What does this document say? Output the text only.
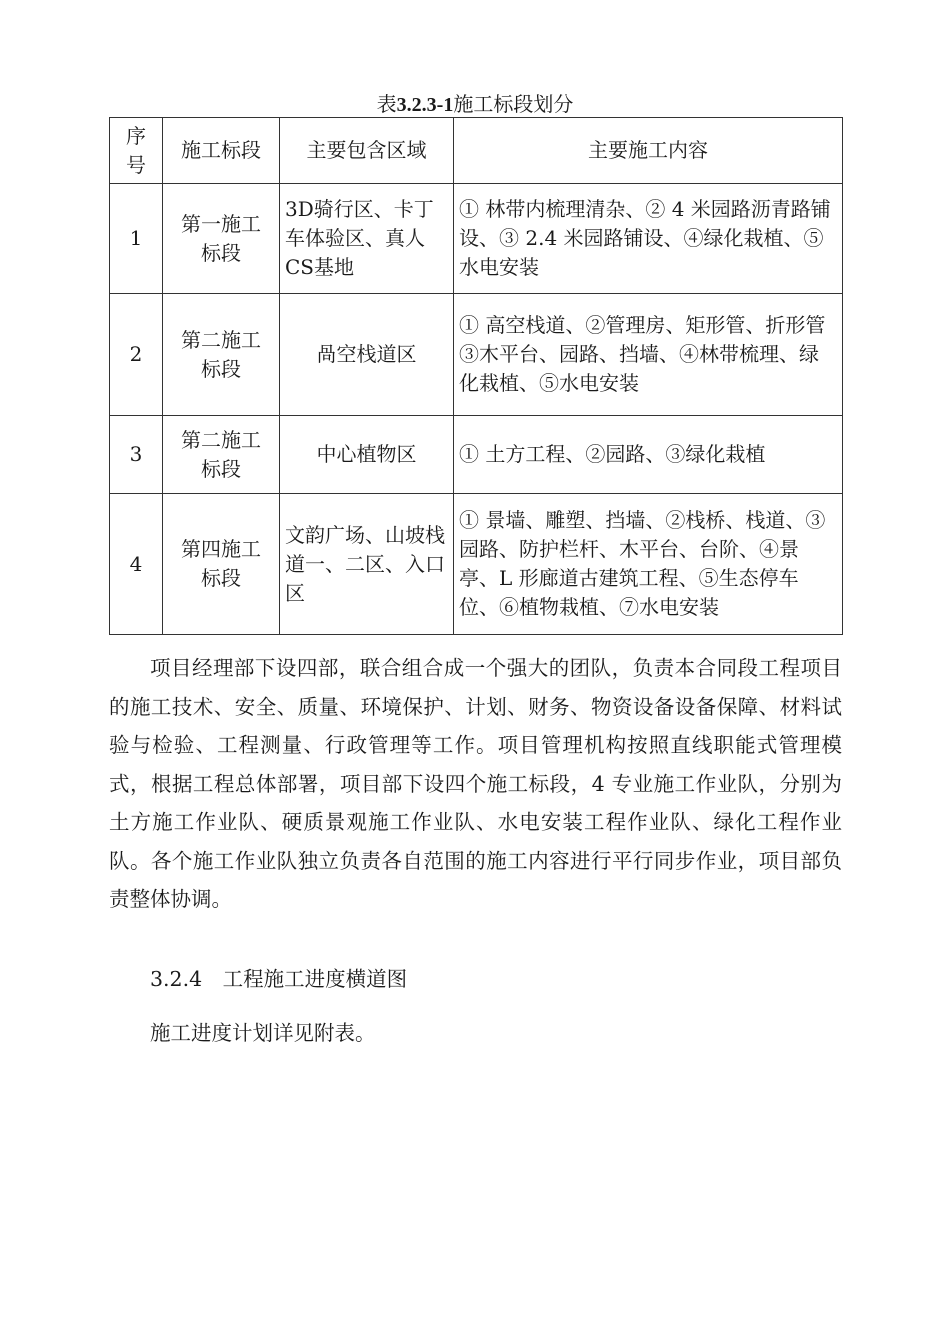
表3.2.3-1施工标段划分
序号	施工标段	主要包含区域	主要施工内容
1	第一施工标段	3D骑行区、卡丁车体验区、真人CS基地	① 林带内梳理清杂、② 4 米园路沥青路铺设、③ 2.4 米园路铺设、④绿化栽植、⑤水电安装
2	第二施工标段	咼空栈道区	① 高空栈道、②管理房、矩形管、折形管③木平台、园路、挡墙、④林带梳理、绿化栽植、⑤水电安装
3	第二施工标段	中心植物区	① 土方工程、②园路、③绿化栽植
4	第四施工标段	文韵广场、山坡栈道一、二区、入口区	① 景墙、雕塑、挡墙、②栈桥、栈道、③园路、防护栏杆、木平台、台阶、④景亭、L 形廊道古建筑工程、⑤生态停车位、⑥植物栽植、⑦水电安装

项目经理部下设四部，联合组合成一个强大的团队，负责本合同段工程项目的施工技术、安全、质量、环境保护、计划、财务、物资设备设备保障、材料试验与检验、工程测量、行政管理等工作。项目管理机构按照直线职能式管理模式，根据工程总体部署，项目部下设四个施工标段，4 专业施工作业队，分别为土方施工作业队、硬质景观施工作业队、水电安装工程作业队、绿化工程作业队。各个施工作业队独立负责各自范围的施工内容进行平行同步作业，项目部负责整体协调。

3.2.4　工程施工进度横道图

施工进度计划详见附表。
